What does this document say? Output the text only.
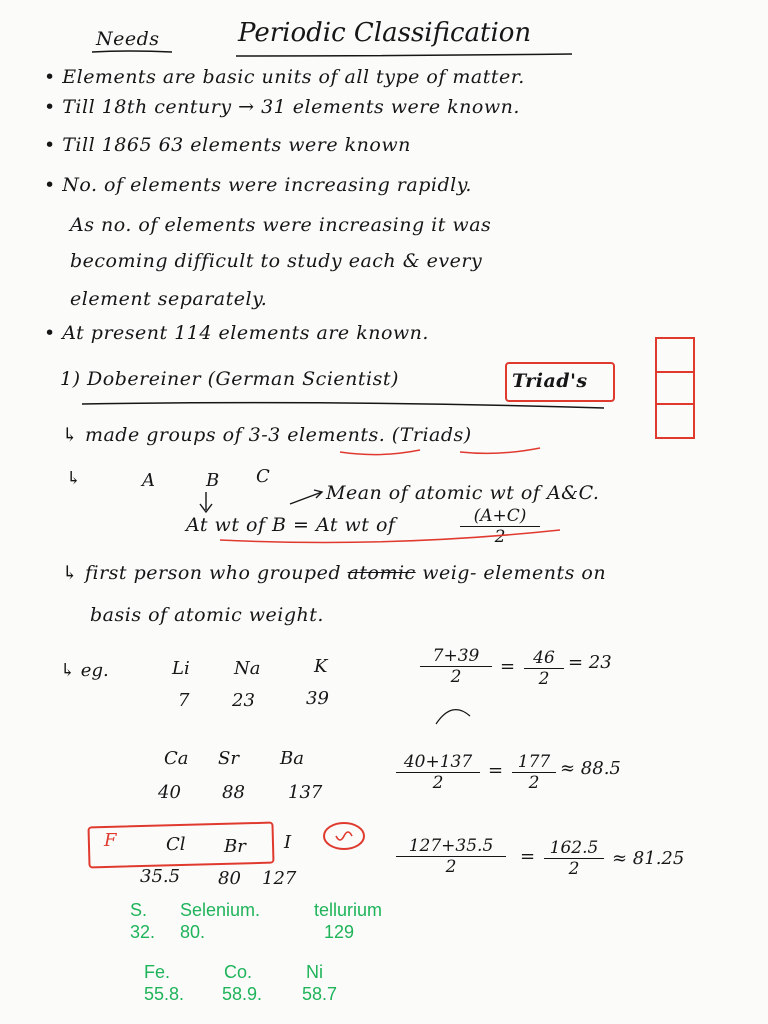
Needs	Periodic Classification
• Elements are basic units of all type of matter.
• Till 18th century → 31 elements were known.
• Till 1865 63 elements were known
• No. of elements were increasing rapidly.
As no. of elements were increasing it was
becoming difficult to study each & every
element separately.
• At present 114 elements are known.
1) Dobereiner (German Scientist)	Triad's
↳ made groups of 3-3 elements. (Triads)
↳	A	B C
Mean of atomic wt of A&C.
At wt of B = At wt of	$\frac{(A+C)}{2}$
↳ first person who grouped atomic weig- elements on
basis of atomic weight.
↳ eg.	Li Na	K
7 23	39
$\frac{7+39}{2} = \frac{46}{2} = 23$
Ca Sr Ba
40 88 137	$\frac{40+137}{2} = \frac{177}{2} \approx 88.5$
F	Cl Br I
35.5 80 127
$\frac{127+35.5}{2} = \frac{162.5}{2} \approx 81.25$
S. Selenium.	tellurium
32. 80.	129
Fe.	Co.	Ni
55.8. 58.9. 58.7
